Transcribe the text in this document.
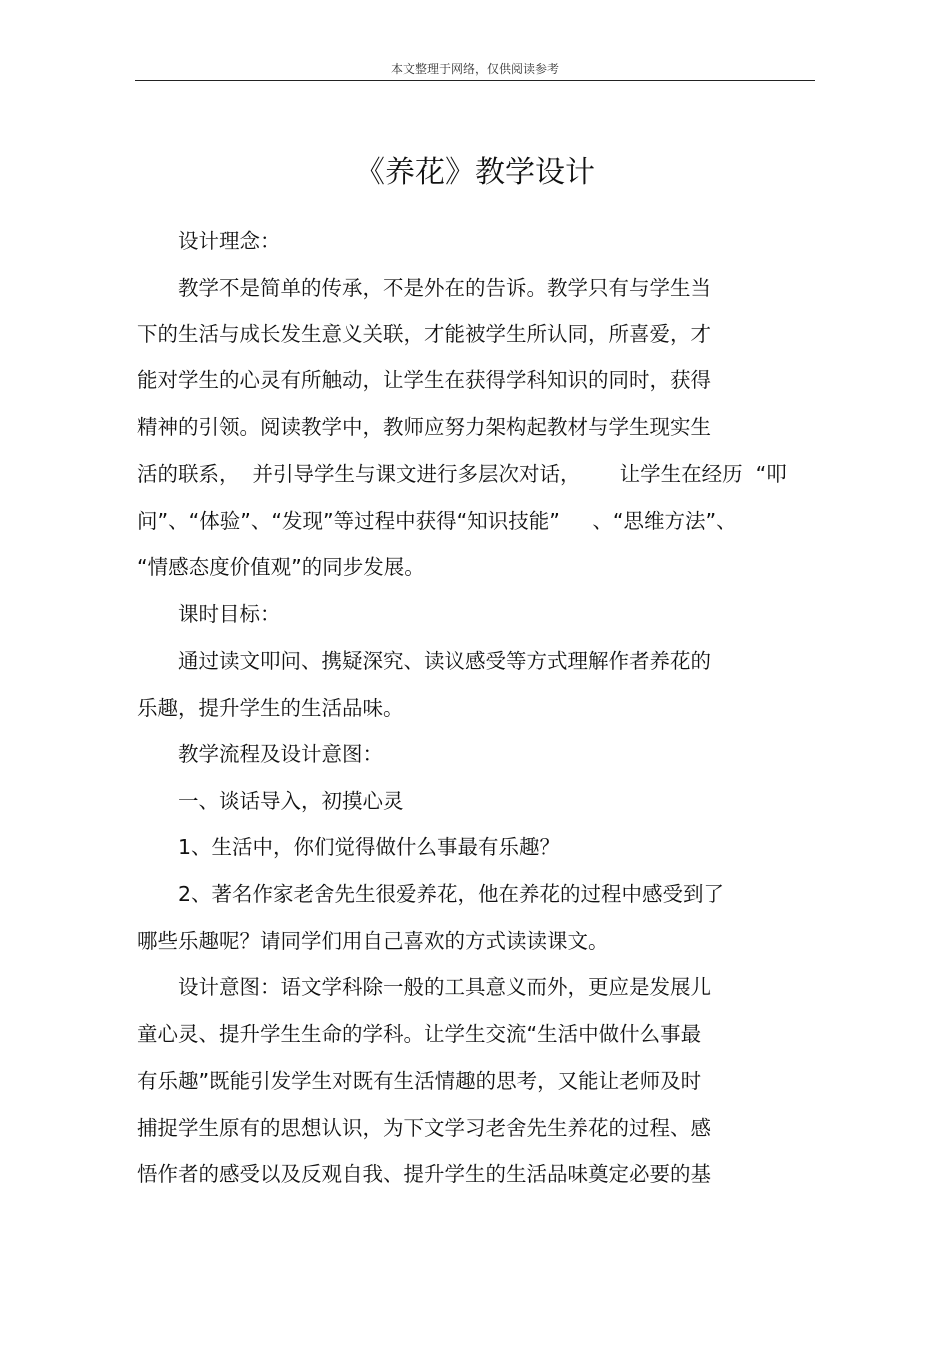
本文整理于网络，仅供阅读参考
《养花》教学设计
　　设计理念：
　　教学不是简单的传承，不是外在的告诉。教学只有与学生当
下的生活与成长发生意义关联，才能被学生所认同，所喜爱，才
能对学生的心灵有所触动，让学生在获得学科知识的同时，获得
精神的引领。阅读教学中，教师应努力架构起教材与学生现实生
活的联系，  并引导学生与课文进行多层次对话，      让学生在经历  “叩
问”、“体验”、“发现”等过程中获得“知识技能”     、“思维方法”、
“情感态度价值观”的同步发展。
　　课时目标：
　　通过读文叩问、携疑深究、读议感受等方式理解作者养花的
乐趣，提升学生的生活品味。
　　教学流程及设计意图：
　　一、谈话导入，初摸心灵
　　1、生活中，你们觉得做什么事最有乐趣？
　　2、著名作家老舍先生很爱养花，他在养花的过程中感受到了
哪些乐趣呢？请同学们用自己喜欢的方式读读课文。
　　设计意图：语文学科除一般的工具意义而外，更应是发展儿
童心灵、提升学生生命的学科。让学生交流“生活中做什么事最
有乐趣”既能引发学生对既有生活情趣的思考，又能让老师及时
捕捉学生原有的思想认识，为下文学习老舍先生养花的过程、感
悟作者的感受以及反观自我、提升学生的生活品味奠定必要的基
